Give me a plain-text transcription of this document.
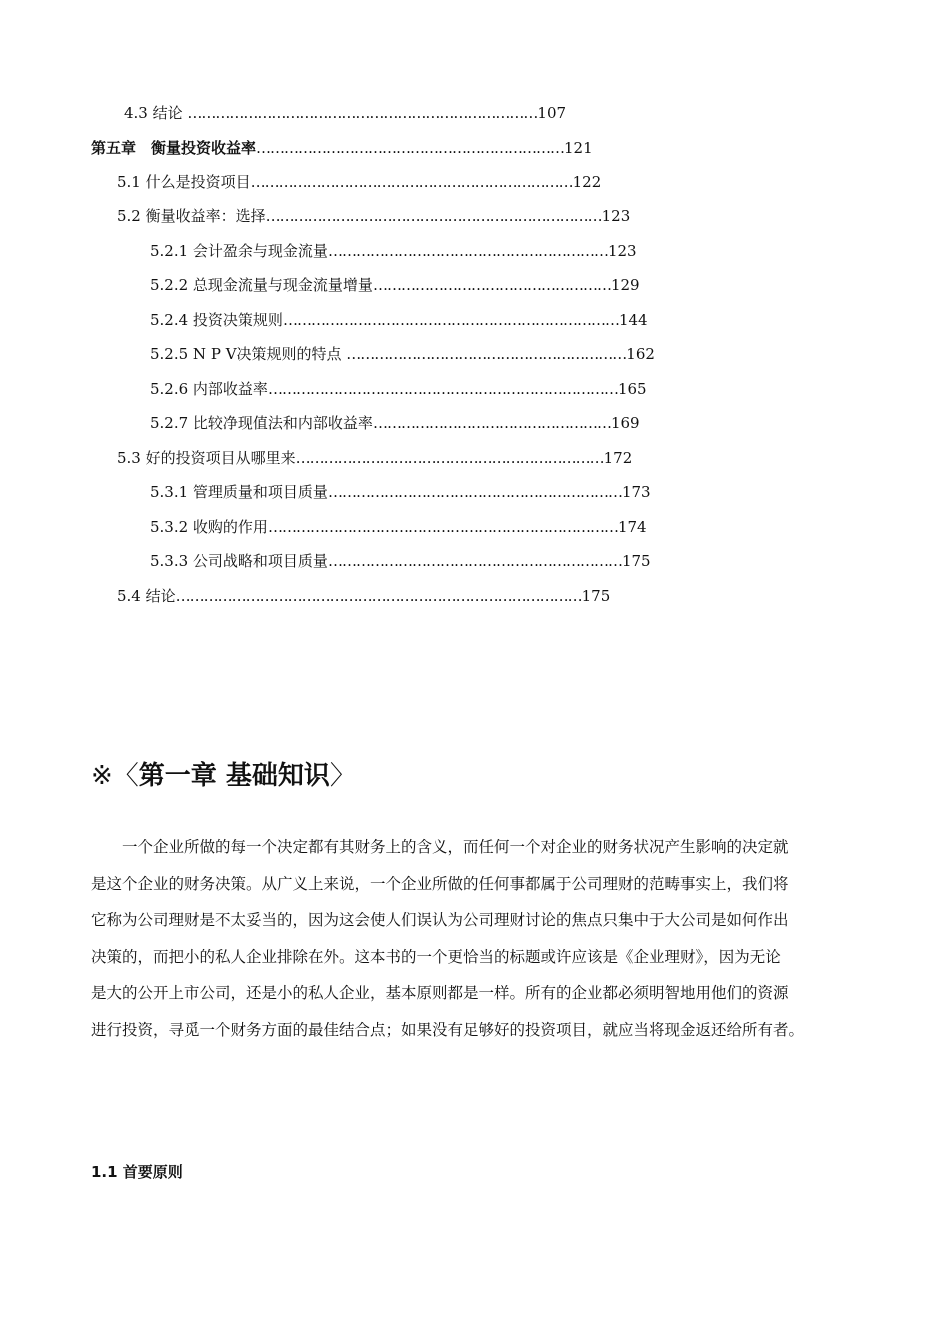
4.3 结论 …………………………………………………………………107
第五章　衡量投资收益率…………………………………………………………121
5.1 什么是投资项目……………………………………………………………122
5.2 衡量收益率：选择………………………………………………………………123
5.2.1 会计盈余与现金流量……………………………………………………123
5.2.2 总现金流量与现金流量增量……………………………………………129
5.2.4 投资决策规则………………………………………………………………144
5.2.5 N P V决策规则的特点 ……………………………………………………162
5.2.6 内部收益率…………………………………………………………………165
5.2.7 比较净现值法和内部收益率……………………………………………169
5.3 好的投资项目从哪里来…………………………………………………………172
5.3.1 管理质量和项目质量………………………………………………………173
5.3.2 收购的作用…………………………………………………………………174
5.3.3 公司战略和项目质量………………………………………………………175
5.4 结论……………………………………………………………………………175
※〈第一章 基础知识〉
　　一个企业所做的每一个决定都有其财务上的含义，而任何一个对企业的财务状况产生影响的决定就
是这个企业的财务决策。从广义上来说，一个企业所做的任何事都属于公司理财的范畴事实上，我们将
它称为公司理财是不太妥当的，因为这会使人们误认为公司理财讨论的焦点只集中于大公司是如何作出
决策的，而把小的私人企业排除在外。这本书的一个更恰当的标题或许应该是《企业理财》，因为无论
是大的公开上市公司，还是小的私人企业，基本原则都是一样。所有的企业都必须明智地用他们的资源
进行投资，寻觅一个财务方面的最佳结合点；如果没有足够好的投资项目，就应当将现金返还给所有者。
1.1 首要原则
